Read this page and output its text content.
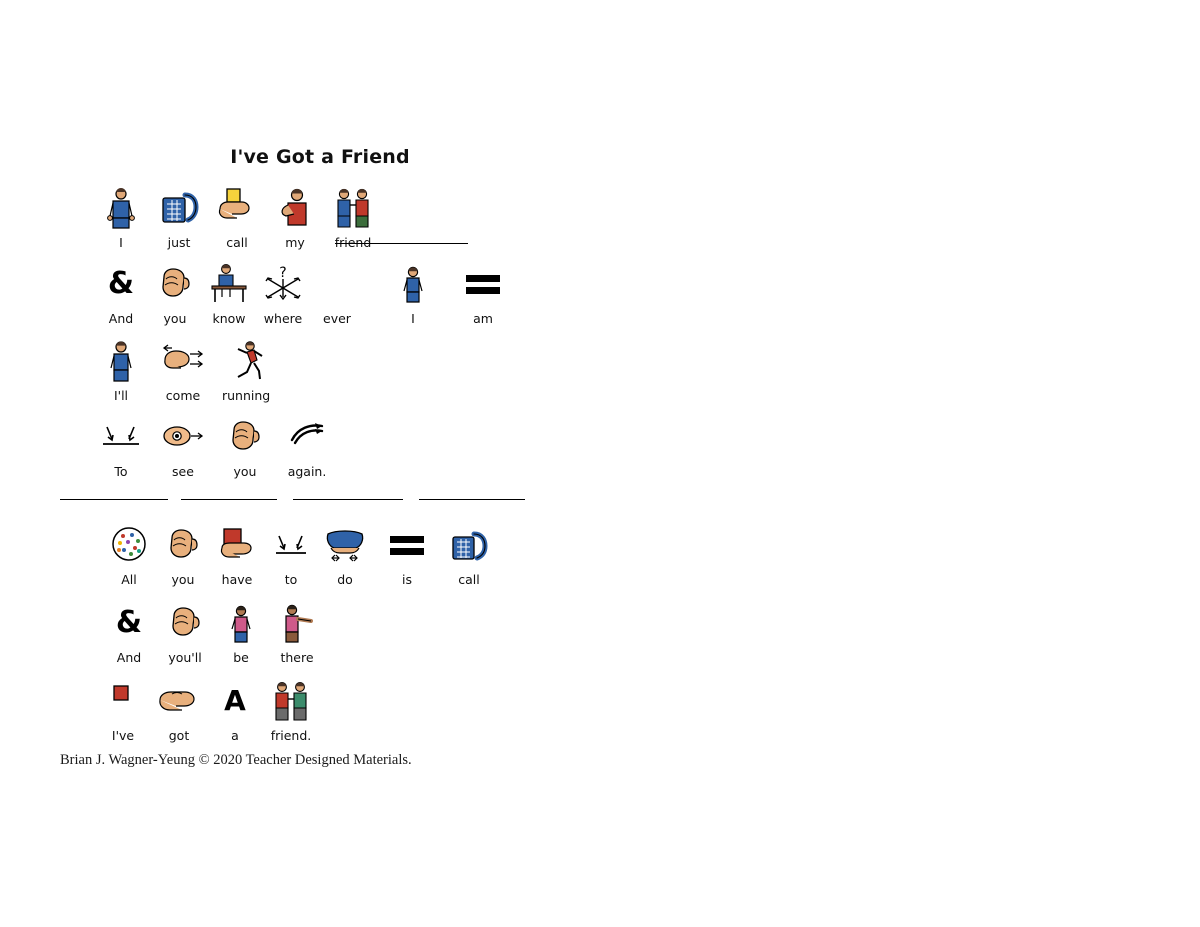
I've Got a Friend
I	just	call	my friend
&
And you know
?
where ever	I	am
I'll	come running
To	see	you again.
All	you have	to	do	is	call
&
And you'll	be	there
I've	got
A
a	friend.
Brian J. Wagner-Yeung © 2020 Teacher Designed Materials.
